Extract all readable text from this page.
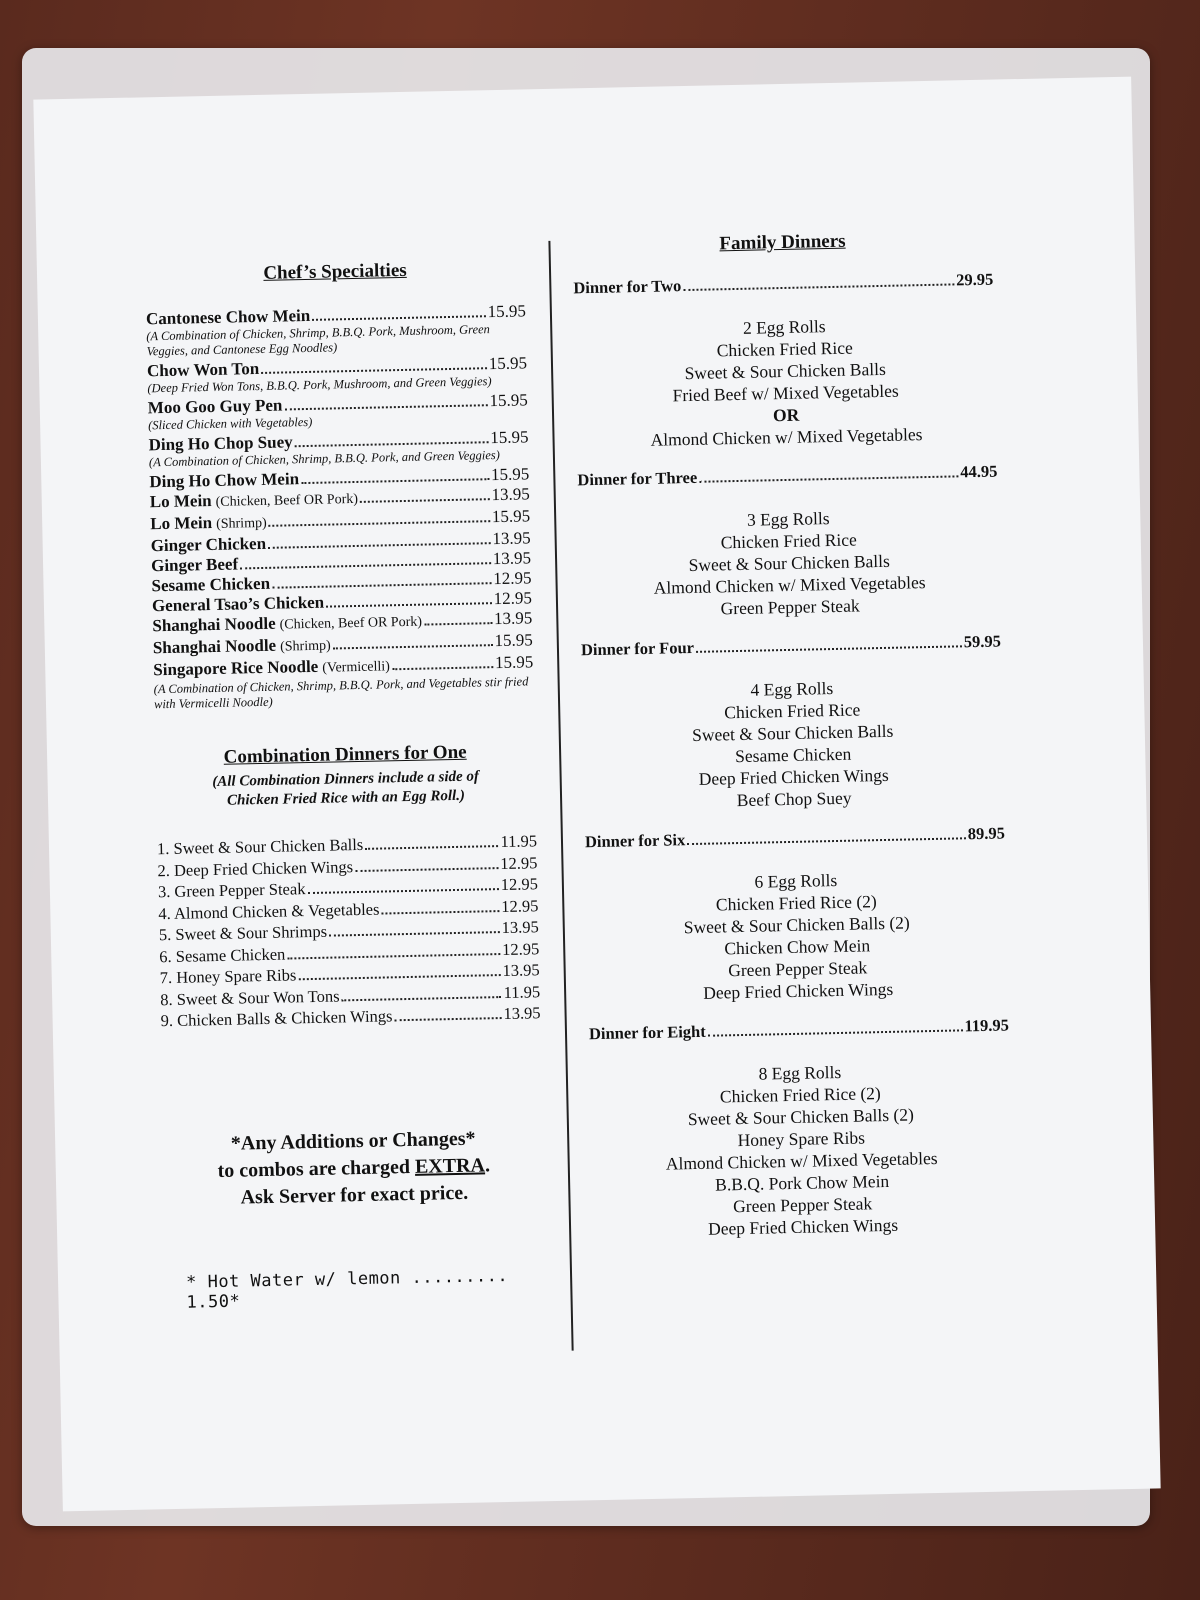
Chef’s Specialties
Cantonese Chow Mein	15.95
(A Combination of Chicken, Shrimp, B.B.Q. Pork, Mushroom, Green Veggies, and Cantonese Egg Noodles)
Chow Won Ton	15.95
(Deep Fried Won Tons, B.B.Q. Pork, Mushroom, and Green Veggies)
Moo Goo Guy Pen	15.95
(Sliced Chicken with Vegetables)
Ding Ho Chop Suey	15.95
(A Combination of Chicken, Shrimp, B.B.Q. Pork, and Green Veggies)
Ding Ho Chow Mein	15.95
Lo Mein (Chicken, Beef OR Pork)	13.95
Lo Mein (Shrimp)	15.95
Ginger Chicken	13.95
Ginger Beef	13.95
Sesame Chicken	12.95
General Tsao’s Chicken	12.95
Shanghai Noodle (Chicken, Beef OR Pork)	13.95
Shanghai Noodle (Shrimp)	15.95
Singapore Rice Noodle (Vermicelli)	15.95
(A Combination of Chicken, Shrimp, B.B.Q. Pork, and Vegetables stir fried with Vermicelli Noodle)
Combination Dinners for One
(All Combination Dinners include a side of
Chicken Fried Rice with an Egg Roll.)
1. Sweet & Sour Chicken Balls	11.95
2. Deep Fried Chicken Wings	12.95
3. Green Pepper Steak	12.95
4. Almond Chicken & Vegetables	12.95
5. Sweet & Sour Shrimps	13.95
6. Sesame Chicken	12.95
7. Honey Spare Ribs	13.95
8. Sweet & Sour Won Tons	11.95
9. Chicken Balls & Chicken Wings	13.95
*Any Additions or Changes*
to combos are charged EXTRA.
Ask Server for exact price.
* Hot Water w/ lemon ......... 1.50*
Family Dinners
Dinner for Two	29.95
2 Egg Rolls
Chicken Fried Rice
Sweet & Sour Chicken Balls
Fried Beef w/ Mixed Vegetables
OR
Almond Chicken w/ Mixed Vegetables
Dinner for Three	44.95
3 Egg Rolls
Chicken Fried Rice
Sweet & Sour Chicken Balls
Almond Chicken w/ Mixed Vegetables
Green Pepper Steak
Dinner for Four	59.95
4 Egg Rolls
Chicken Fried Rice
Sweet & Sour Chicken Balls
Sesame Chicken
Deep Fried Chicken Wings
Beef Chop Suey
Dinner for Six	89.95
6 Egg Rolls
Chicken Fried Rice (2)
Sweet & Sour Chicken Balls (2)
Chicken Chow Mein
Green Pepper Steak
Deep Fried Chicken Wings
Dinner for Eight	119.95
8 Egg Rolls
Chicken Fried Rice (2)
Sweet & Sour Chicken Balls (2)
Honey Spare Ribs
Almond Chicken w/ Mixed Vegetables
B.B.Q. Pork Chow Mein
Green Pepper Steak
Deep Fried Chicken Wings
